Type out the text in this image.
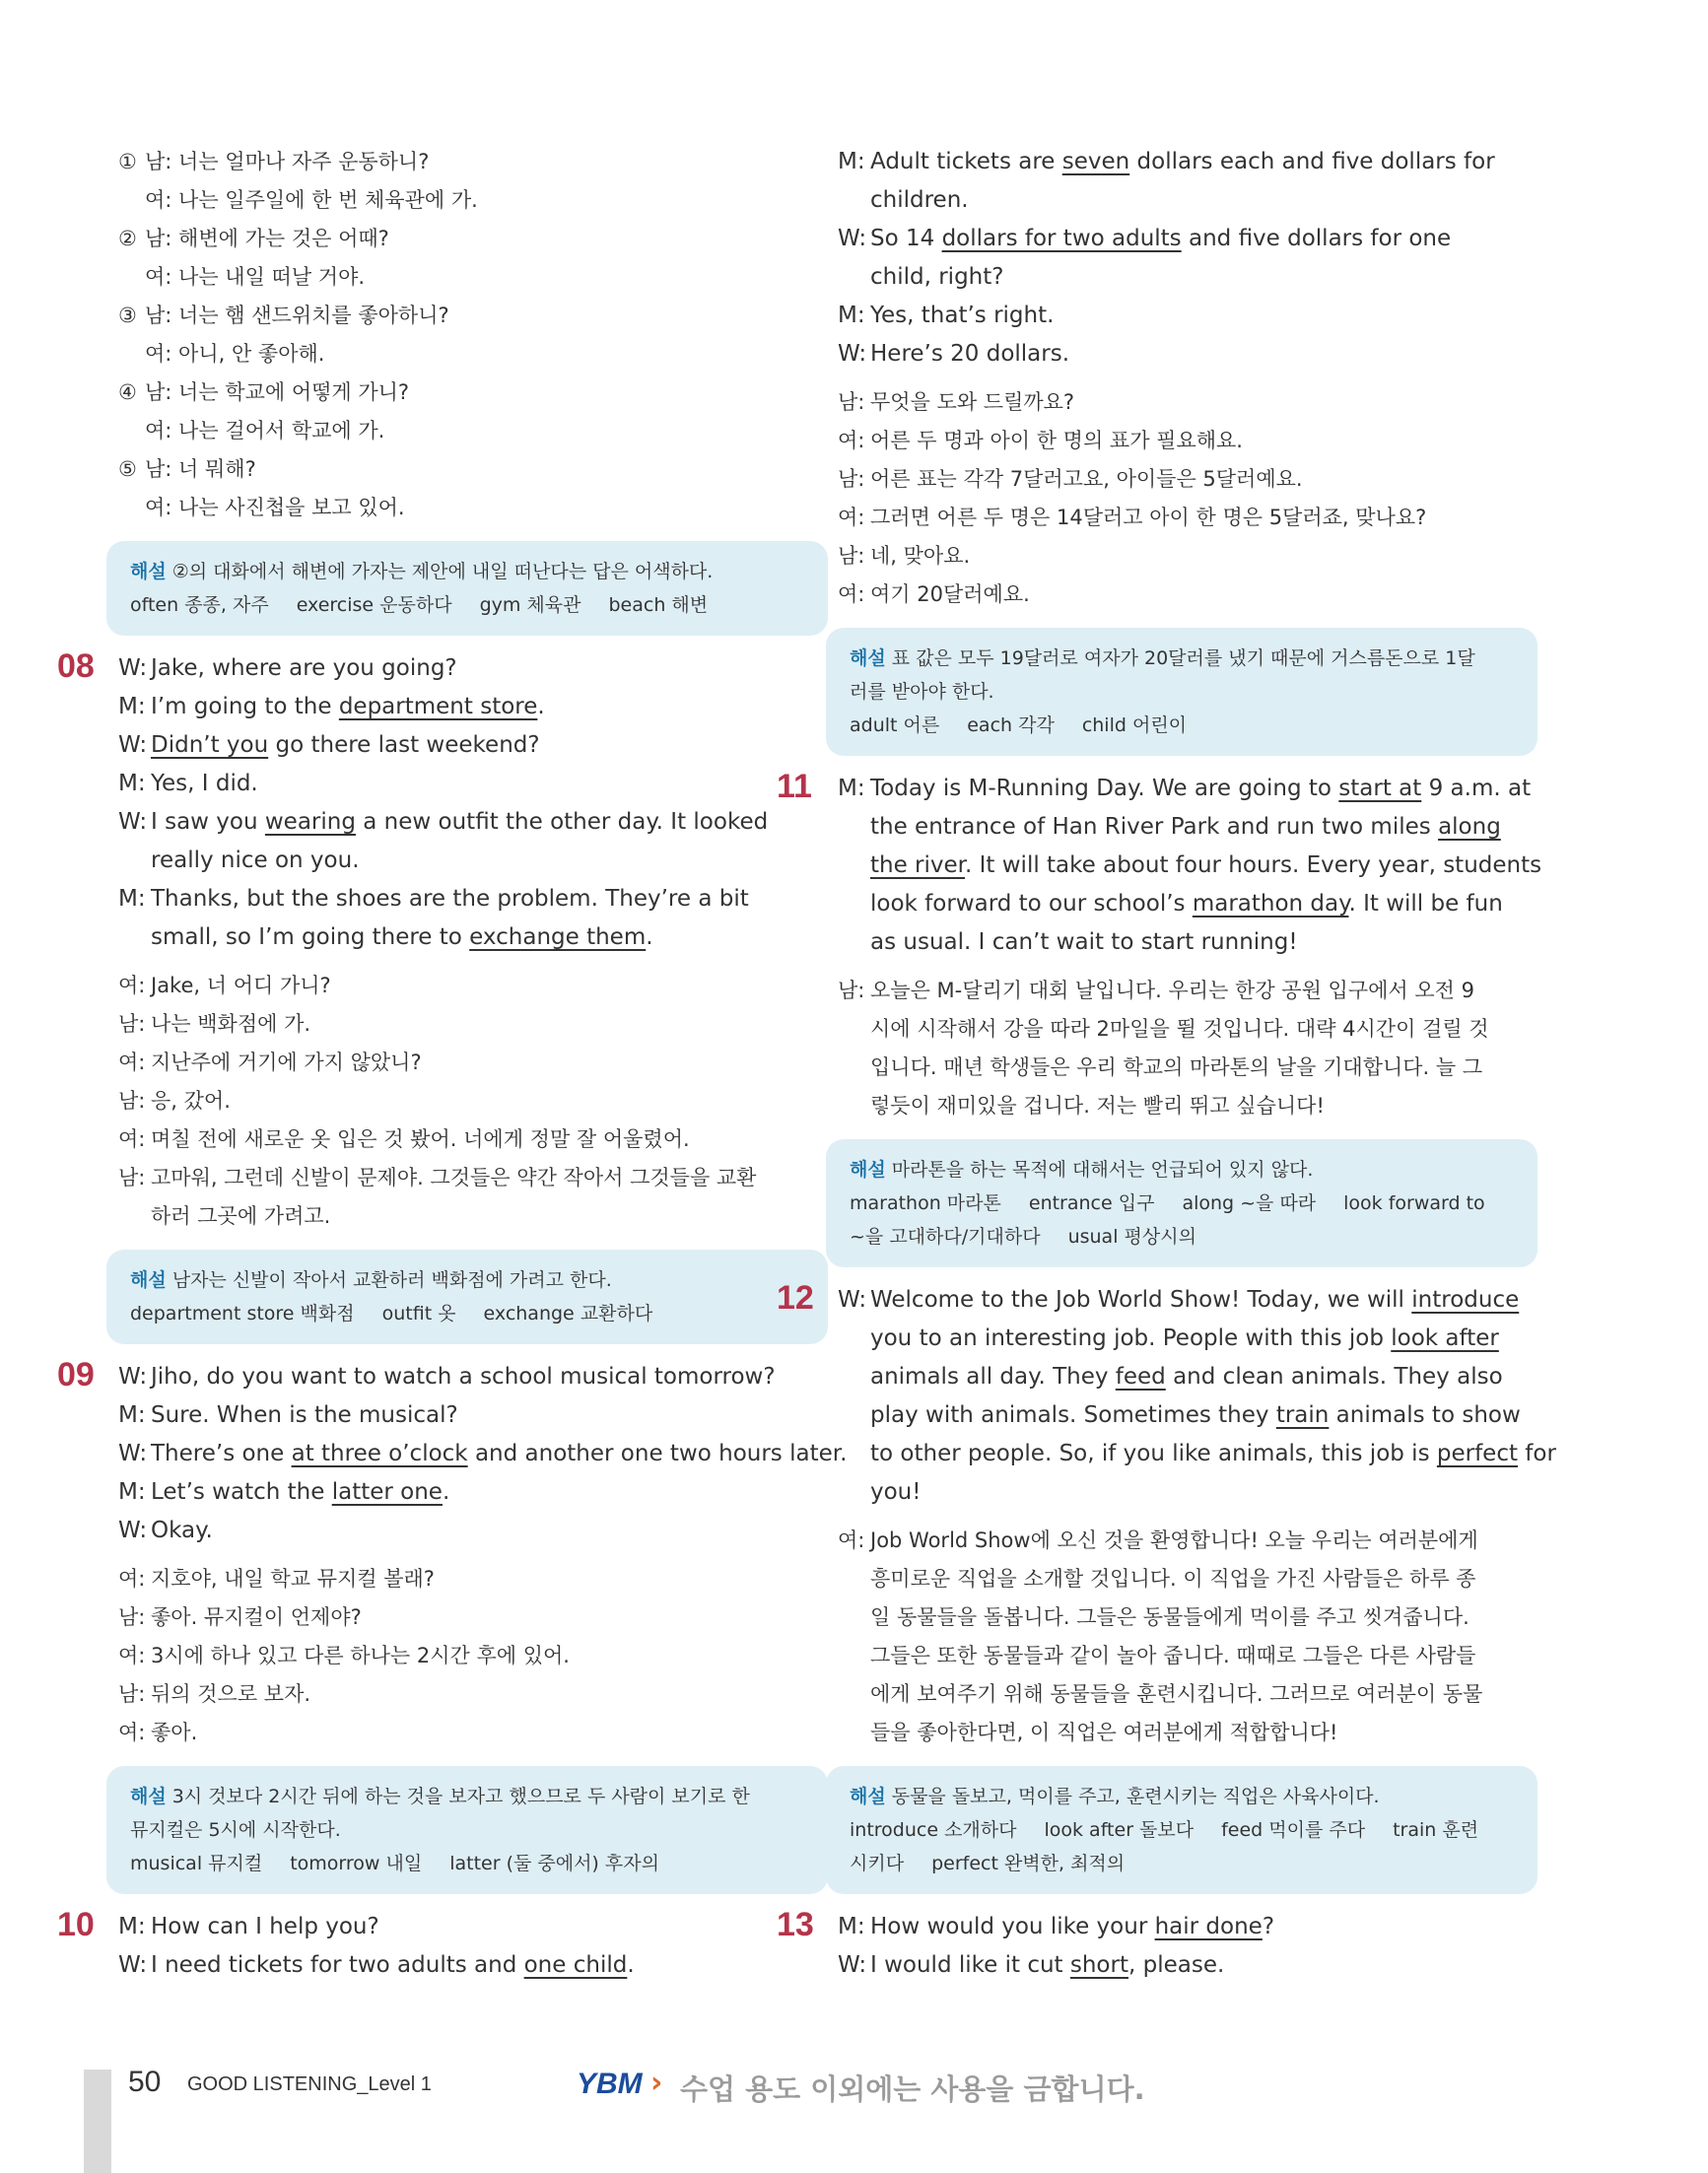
① 남: 너는 얼마나 자주 운동하니?
여: 나는 일주일에 한 번 체육관에 가.
② 남: 해변에 가는 것은 어때?
여: 나는 내일 떠날 거야.
③ 남: 너는 햄 샌드위치를 좋아하니?
여: 아니, 안 좋아해.
④ 남: 너는 학교에 어떻게 가니?
여: 나는 걸어서 학교에 가.
⑤ 남: 너 뭐해?
여: 나는 사진첩을 보고 있어.
해설 ②의 대화에서 해변에 가자는 제안에 내일 떠난다는 답은 어색하다.
often 종종, 자주 exercise 운동하다 gym 체육관 beach 해변
08 W: Jake, where are you going?
M: I’m going to the department store.
W: Didn’t you go there last weekend?
M: Yes, I did.
W: I saw you wearing a new outfit the other day. It looked
really nice on you.
M: Thanks, but the shoes are the problem. They’re a bit
small, so I’m going there to exchange them.
여: Jake, 너 어디 가니?
남: 나는 백화점에 가.
여: 지난주에 거기에 가지 않았니?
남: 응, 갔어.
여: 며칠 전에 새로운 옷 입은 것 봤어. 너에게 정말 잘 어울렸어.
남: 고마워, 그런데 신발이 문제야. 그것들은 약간 작아서 그것들을 교환
하러 그곳에 가려고.
해설 남자는 신발이 작아서 교환하러 백화점에 가려고 한다.
department store 백화점 outfit 옷 exchange 교환하다
09 W: Jiho, do you want to watch a school musical tomorrow?
M: Sure. When is the musical?
W: There’s one at three o’clock and another one two hours later.
M: Let’s watch the latter one.
W: Okay.
여: 지호야, 내일 학교 뮤지컬 볼래?
남: 좋아. 뮤지컬이 언제야?
여: 3시에 하나 있고 다른 하나는 2시간 후에 있어.
남: 뒤의 것으로 보자.
여: 좋아.
해설 3시 것보다 2시간 뒤에 하는 것을 보자고 했으므로 두 사람이 보기로 한
뮤지컬은 5시에 시작한다.
musical 뮤지컬 tomorrow 내일 latter (둘 중에서) 후자의
10 M: How can I help you?
W: I need tickets for two adults and one child.
M: Adult tickets are seven dollars each and five dollars for
children.
W: So 14 dollars for two adults and five dollars for one
child, right?
M: Yes, that’s right.
W: Here’s 20 dollars.
남: 무엇을 도와 드릴까요?
여: 어른 두 명과 아이 한 명의 표가 필요해요.
남: 어른 표는 각각 7달러고요, 아이들은 5달러예요.
여: 그러면 어른 두 명은 14달러고 아이 한 명은 5달러죠, 맞나요?
남: 네, 맞아요.
여: 여기 20달러예요.
해설 표 값은 모두 19달러로 여자가 20달러를 냈기 때문에 거스름돈으로 1달
러를 받아야 한다.
adult 어른 each 각각 child 어린이
11 M: Today is M-Running Day. We are going to start at 9 a.m. at
the entrance of Han River Park and run two miles along
the river. It will take about four hours. Every year, students
look forward to our school’s marathon day. It will be fun
as usual. I can’t wait to start running!
남: 오늘은 M-달리기 대회 날입니다. 우리는 한강 공원 입구에서 오전 9
시에 시작해서 강을 따라 2마일을 뛸 것입니다. 대략 4시간이 걸릴 것
입니다. 매년 학생들은 우리 학교의 마라톤의 날을 기대합니다. 늘 그
렇듯이 재미있을 겁니다. 저는 빨리 뛰고 싶습니다!
해설 마라톤을 하는 목적에 대해서는 언급되어 있지 않다.
marathon 마라톤 entrance 입구 along ~을 따라 look forward to
~을 고대하다/기대하다 usual 평상시의
12 W: Welcome to the Job World Show! Today, we will introduce
you to an interesting job. People with this job look after
animals all day. They feed and clean animals. They also
play with animals. Sometimes they train animals to show
to other people. So, if you like animals, this job is perfect for
you!
여: Job World Show에 오신 것을 환영합니다! 오늘 우리는 여러분에게
흥미로운 직업을 소개할 것입니다. 이 직업을 가진 사람들은 하루 종
일 동물들을 돌봅니다. 그들은 동물들에게 먹이를 주고 씻겨줍니다.
그들은 또한 동물들과 같이 놀아 줍니다. 때때로 그들은 다른 사람들
에게 보여주기 위해 동물들을 훈련시킵니다. 그러므로 여러분이 동물
들을 좋아한다면, 이 직업은 여러분에게 적합합니다!
해설 동물을 돌보고, 먹이를 주고, 훈련시키는 직업은 사육사이다.
introduce 소개하다 look after 돌보다 feed 먹이를 주다 train 훈련
시키다 perfect 완벽한, 최적의
13 M: How would you like your hair done?
W: I would like it cut short, please.
50 GOOD LISTENING_Level 1	YBM › 수업 용도 이외에는 사용을 금합니다.
